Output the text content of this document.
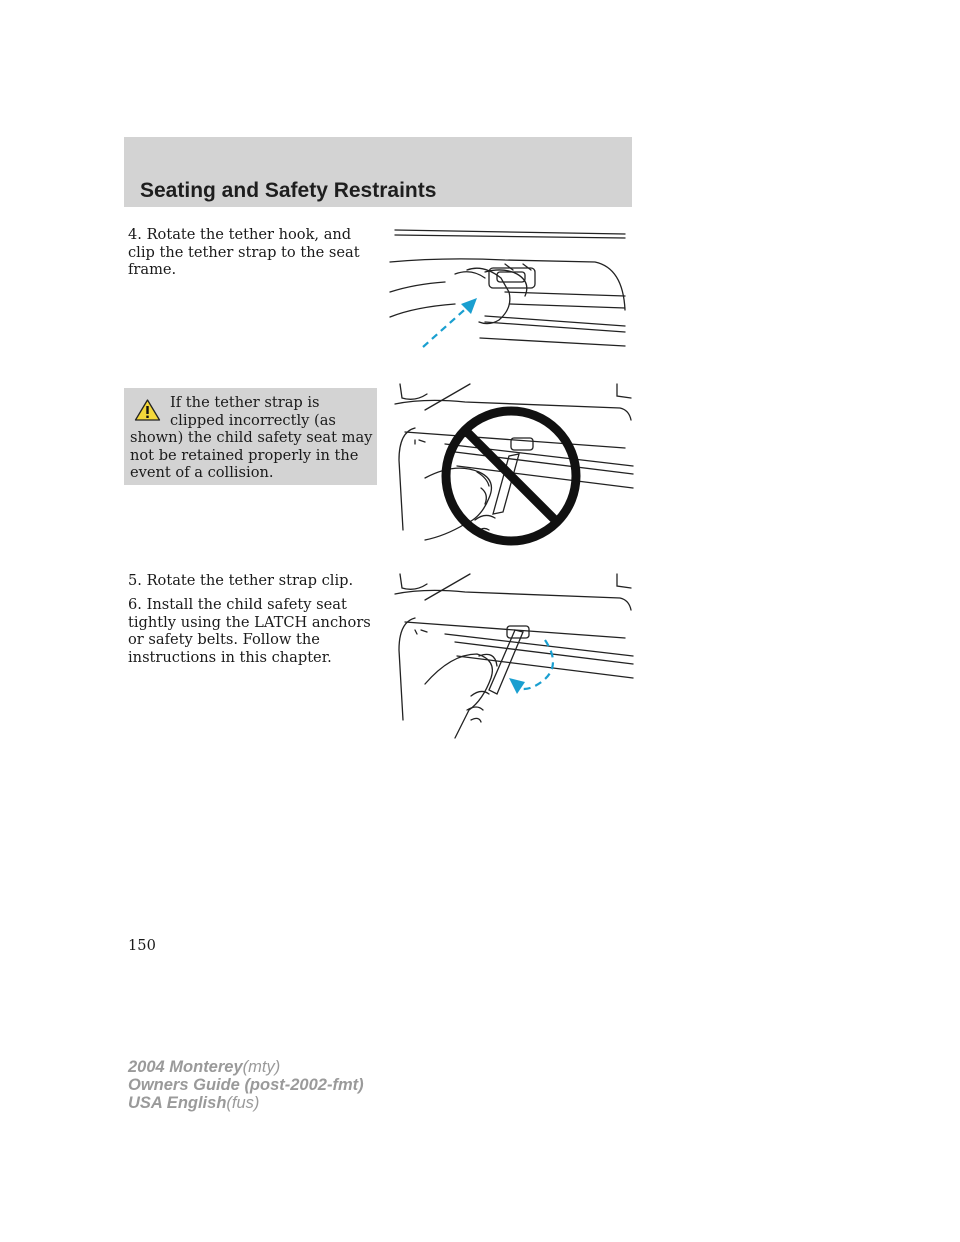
Seating and Safety Restraints

4. Rotate the tether hook, and clip the tether strap to the seat frame.

If the tether strap is clipped incorrectly (as shown) the child safety seat may not be retained properly in the event of a collision.

5. Rotate the tether strap clip.

6. Install the child safety seat tightly using the LATCH anchors or safety belts. Follow the instructions in this chapter.

150

2004 Monterey(mty)
Owners Guide (post-2002-fmt)
USA English(fus)
